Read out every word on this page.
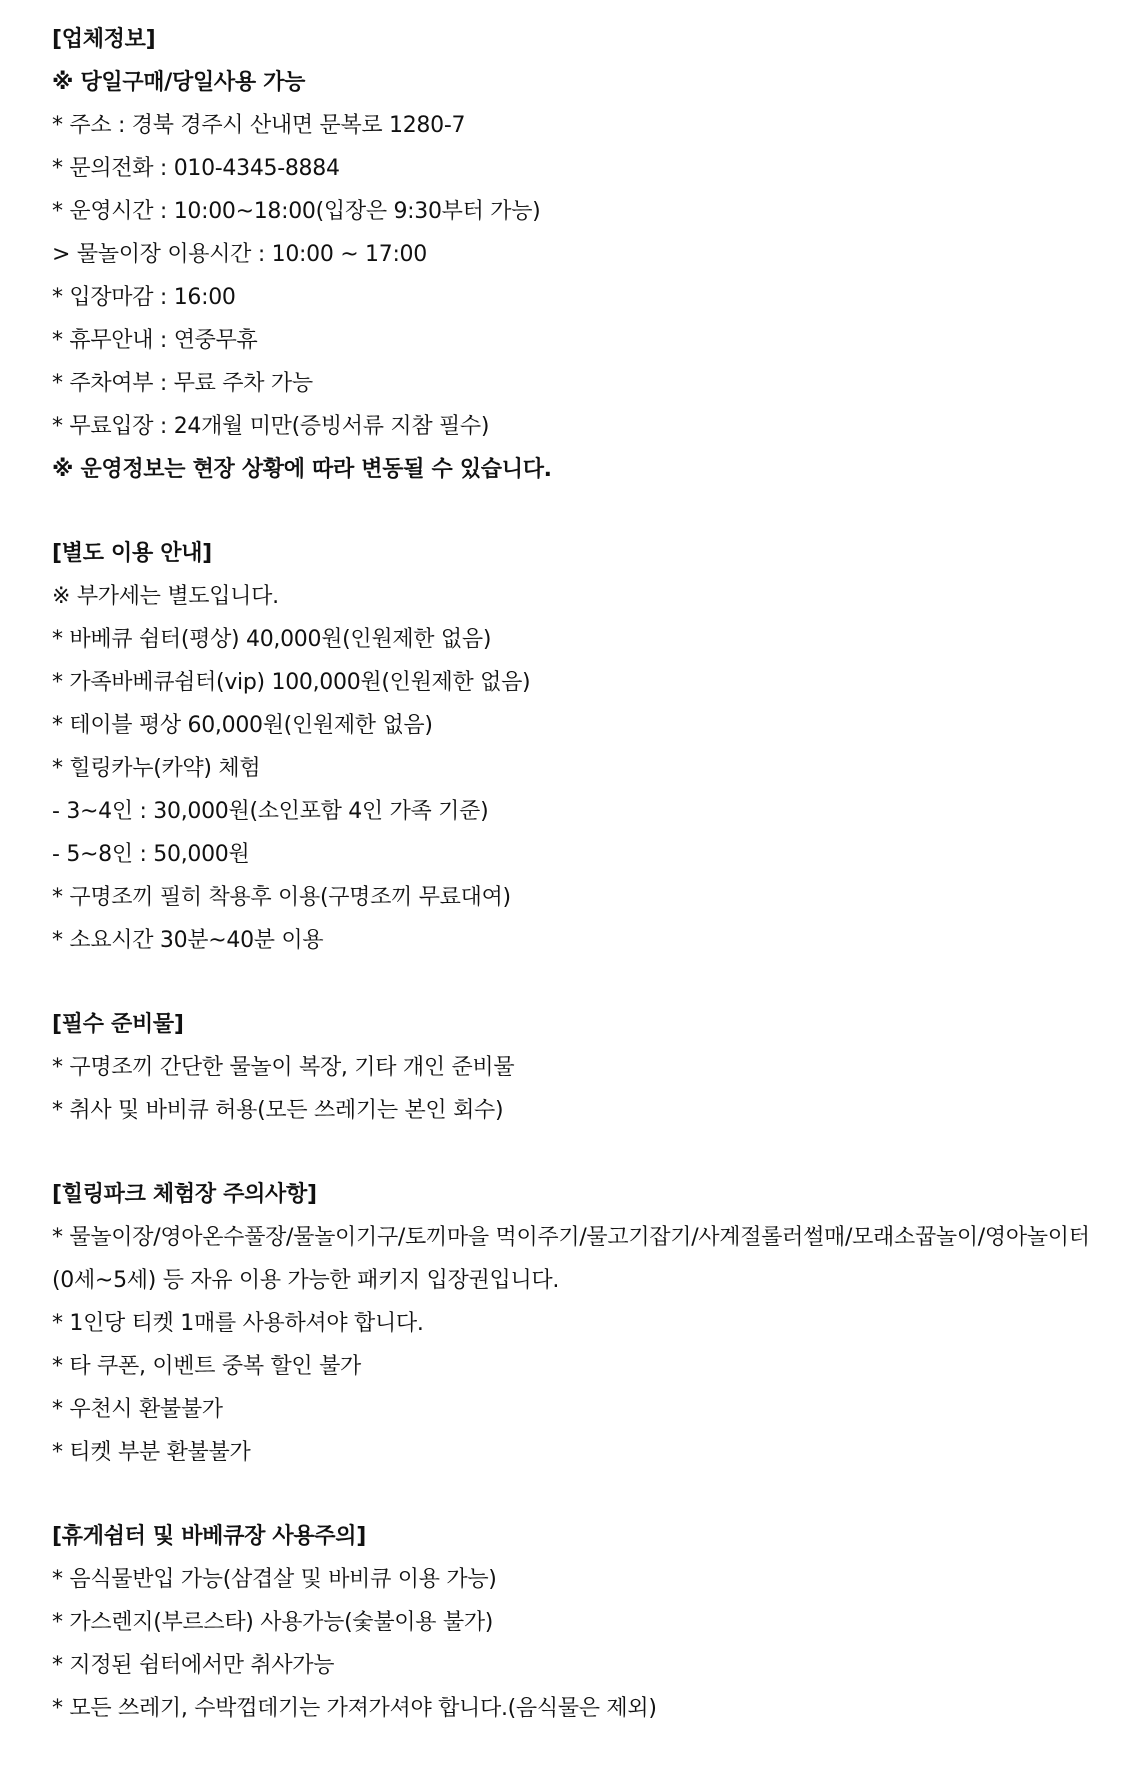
[업체정보]
※ 당일구매/당일사용 가능
* 주소 : 경북 경주시 산내면 문복로 1280-7
* 문의전화 : 010-4345-8884
* 운영시간 : 10:00~18:00(입장은 9:30부터 가능)
> 물놀이장 이용시간 : 10:00 ~ 17:00
* 입장마감 : 16:00
* 휴무안내 : 연중무휴
* 주차여부 : 무료 주차 가능
* 무료입장 : 24개월 미만(증빙서류 지참 필수)
※ 운영정보는 현장 상황에 따라 변동될 수 있습니다.
[별도 이용 안내]
※ 부가세는 별도입니다.
* 바베큐 쉼터(평상) 40,000원(인원제한 없음)
* 가족바베큐쉼터(vip) 100,000원(인원제한 없음)
* 테이블 평상 60,000원(인원제한 없음)
* 힐링카누(카약) 체험
- 3~4인 : 30,000원(소인포함 4인 가족 기준)
- 5~8인 : 50,000원
* 구명조끼 필히 착용후 이용(구명조끼 무료대여)
* 소요시간 30분~40분 이용
[필수 준비물]
* 구명조끼 간단한 물놀이 복장, 기타 개인 준비물
* 취사 및 바비큐 허용(모든 쓰레기는 본인 회수)
[힐링파크 체험장 주의사항]
* 물놀이장/영아온수풀장/물놀이기구/토끼마을 먹이주기/물고기잡기/사계절롤러썰매/모래소꿉놀이/영아놀이터(0세~5세) 등 자유 이용 가능한 패키지 입장권입니다.
* 1인당 티켓 1매를 사용하셔야 합니다.
* 타 쿠폰, 이벤트 중복 할인 불가
* 우천시 환불불가
* 티켓 부분 환불불가
[휴게쉼터 및 바베큐장 사용주의]
* 음식물반입 가능(삼겹살 및 바비큐 이용 가능)
* 가스렌지(부르스타) 사용가능(숯불이용 불가)
* 지정된 쉼터에서만 취사가능
* 모든 쓰레기, 수박껍데기는 가져가셔야 합니다.(음식물은 제외)
